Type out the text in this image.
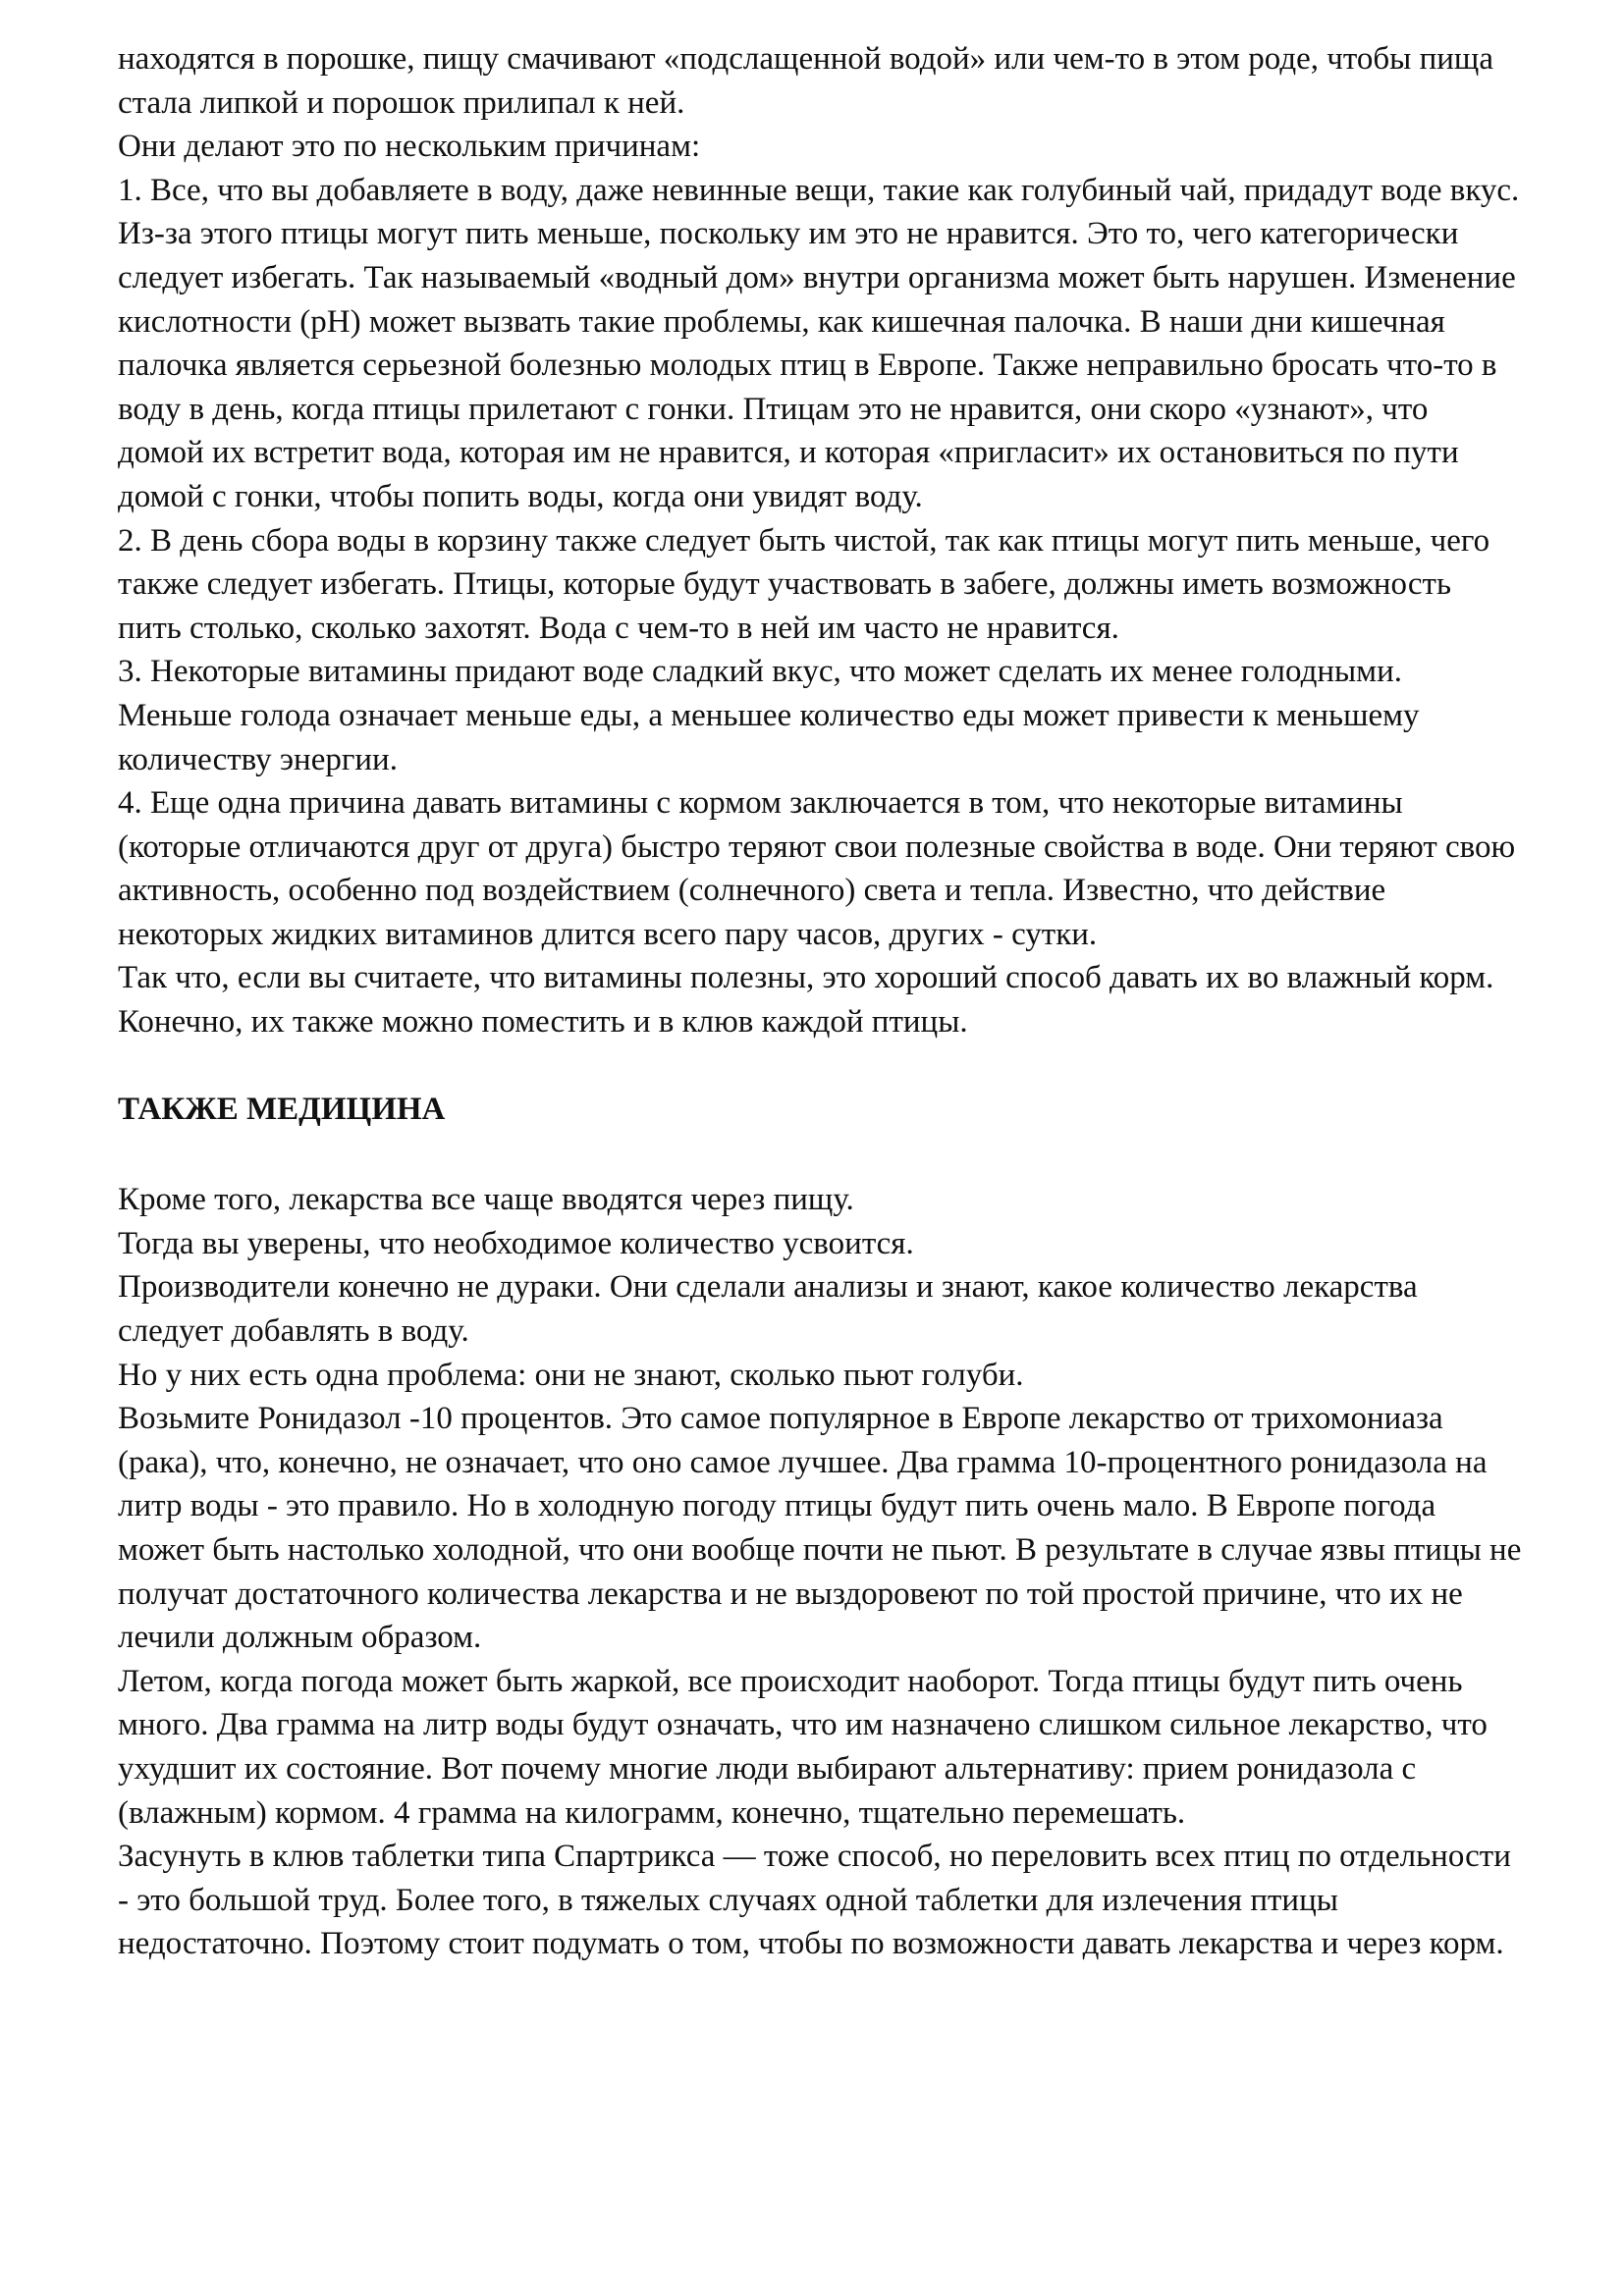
находятся в порошке, пищу смачивают «подслащенной водой» или чем-то в этом роде, чтобы пища стала липкой и порошок прилипал к ней.

Они делают это по нескольким причинам:

1. Все, что вы добавляете в воду, даже невинные вещи, такие как голубиный чай, придадут воде вкус. Из-за этого птицы могут пить меньше, поскольку им это не нравится. Это то, чего категорически следует избегать. Так называемый «водный дом» внутри организма может быть нарушен. Изменение кислотности (pH) может вызвать такие проблемы, как кишечная палочка. В наши дни кишечная палочка является серьезной болезнью молодых птиц в Европе. Также неправильно бросать что-то в воду в день, когда птицы прилетают с гонки. Птицам это не нравится, они скоро «узнают», что домой их встретит вода, которая им не нравится, и которая «пригласит» их остановиться по пути домой с гонки, чтобы попить воды, когда они увидят воду.

2. В день сбора воды в корзину также следует быть чистой, так как птицы могут пить меньше, чего также следует избегать. Птицы, которые будут участвовать в забеге, должны иметь возможность пить столько, сколько захотят. Вода с чем-то в ней им часто не нравится.

3. Некоторые витамины придают воде сладкий вкус, что может сделать их менее голодными. Меньше голода означает меньше еды, а меньшее количество еды может привести к меньшему количеству энергии.

4. Еще одна причина давать витамины с кормом заключается в том, что некоторые витамины (которые отличаются друг от друга) быстро теряют свои полезные свойства в воде. Они теряют свою активность, особенно под воздействием (солнечного) света и тепла. Известно, что действие некоторых жидких витаминов длится всего пару часов, других - сутки.

Так что, если вы считаете, что витамины полезны, это хороший способ давать их во влажный корм. Конечно, их также можно поместить и в клюв каждой птицы.

ТАКЖЕ МЕДИЦИНА

Кроме того, лекарства все чаще вводятся через пищу.

Тогда вы уверены, что необходимое количество усвоится.

Производители конечно не дураки. Они сделали анализы и знают, какое количество лекарства следует добавлять в воду.

Но у них есть одна проблема: они не знают, сколько пьют голуби.

Возьмите Ронидазол -10 процентов. Это самое популярное в Европе лекарство от трихомониаза (рака), что, конечно, не означает, что оно самое лучшее. Два грамма 10-процентного ронидазола на литр воды - это правило. Но в холодную погоду птицы будут пить очень мало. В Европе погода может быть настолько холодной, что они вообще почти не пьют. В результате в случае язвы птицы не получат достаточного количества лекарства и не выздоровеют по той простой причине, что их не лечили должным образом.

Летом, когда погода может быть жаркой, все происходит наоборот. Тогда птицы будут пить очень много. Два грамма на литр воды будут означать, что им назначено слишком сильное лекарство, что ухудшит их состояние. Вот почему многие люди выбирают альтернативу: прием ронидазола с (влажным) кормом. 4 грамма на килограмм, конечно, тщательно перемешать.

Засунуть в клюв таблетки типа Спартрикса — тоже способ, но переловить всех птиц по отдельности - это большой труд. Более того, в тяжелых случаях одной таблетки для излечения птицы недостаточно. Поэтому стоит подумать о том, чтобы по возможности давать лекарства и через корм.
